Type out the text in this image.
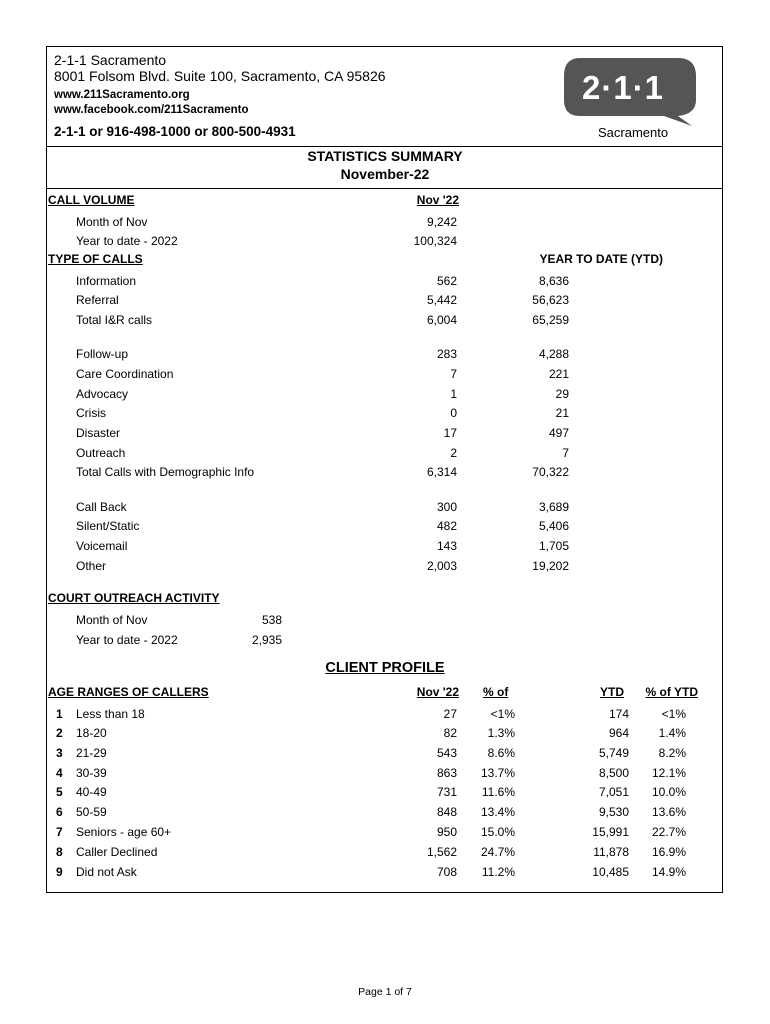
2-1-1 Sacramento
8001 Folsom Blvd. Suite 100, Sacramento, CA 95826
www.211Sacramento.org
www.facebook.com/211Sacramento
2-1-1 or 916-498-1000 or 800-500-4931
2·1·1
Sacramento
STATISTICS SUMMARY
November-22
CALL VOLUME	Nov '22
Month of Nov	9,242
Year to date - 2022	100,324
TYPE OF CALLS	YEAR TO DATE (YTD)
Information	562	8,636
Referral	5,442	56,623
Total I&R calls	6,004	65,259
Follow-up	283	4,288
Care Coordination	7	221
Advocacy	1	29
Crisis	0	21
Disaster	17	497
Outreach	2	7
Total Calls with Demographic Info	6,314	70,322
Call Back	300	3,689
Silent/Static	482	5,406
Voicemail	143	1,705
Other	2,003	19,202
COURT OUTREACH ACTIVITY
Month of Nov	538
Year to date - 2022	2,935
CLIENT PROFILE
AGE RANGES OF CALLERS	Nov '22 % of	YTD % of YTD
1 Less than 18	27	<1%	174	<1%
2 18-20	82	1.3%	964 1.4%
3 21-29	543	8.6%	5,749 8.2%
4 30-39	863 13.7%	8,500 12.1%
5 40-49	731 11.6%	7,051 10.0%
6 50-59	848 13.4%	9,530 13.6%
7 Seniors - age 60+	950 15.0%	15,991 22.7%
8 Caller Declined	1,562 24.7%	11,878 16.9%
9 Did not Ask	708 11.2%	10,485 14.9%
Page 1 of 7
